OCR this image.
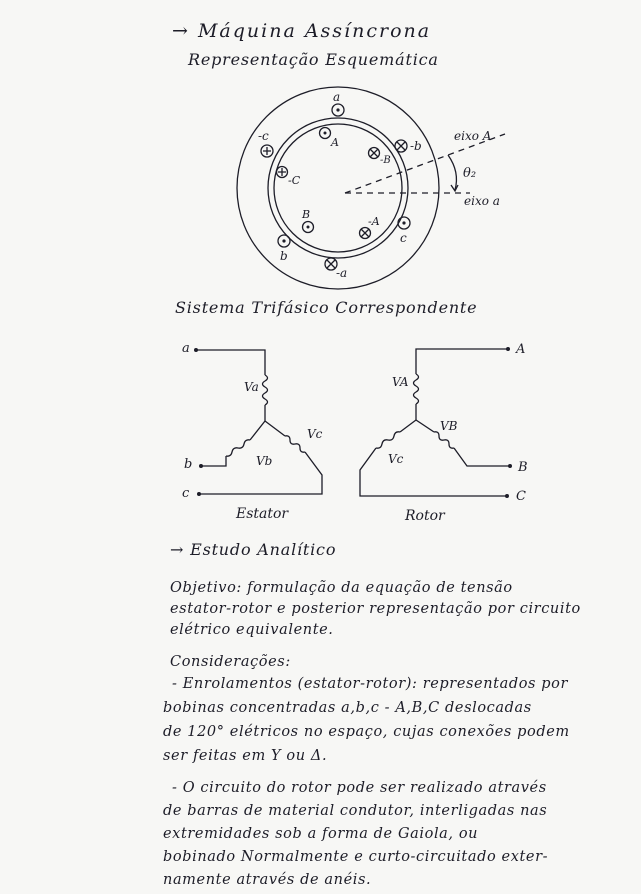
→ Máquina Assíncrona
Representação Esquemática
a
-a
-c
-b
c
b
A
-B
-C
B
-A
eixo A
eixo a
θ₂
Sistema Trifásico Correspondente
a
Va
b	Vb
c
Vc
Estator
A
VA
C
Vc
B
VB
Rotor
→ Estudo Analítico
Objetivo: formulação da equação de tensão
estator-rotor e posterior representação por circuito
elétrico equivalente.
Considerações:
- Enrolamentos (estator-rotor): representados por
bobinas concentradas a,b,c - A,B,C deslocadas
de 120° elétricos no espaço, cujas conexões podem
ser feitas em Y ou Δ.
- O circuito do rotor pode ser realizado através
de barras de material condutor, interligadas nas
extremidades sob a forma de Gaiola, ou
bobinado Normalmente e curto-circuitado exter-
namente através de anéis.
